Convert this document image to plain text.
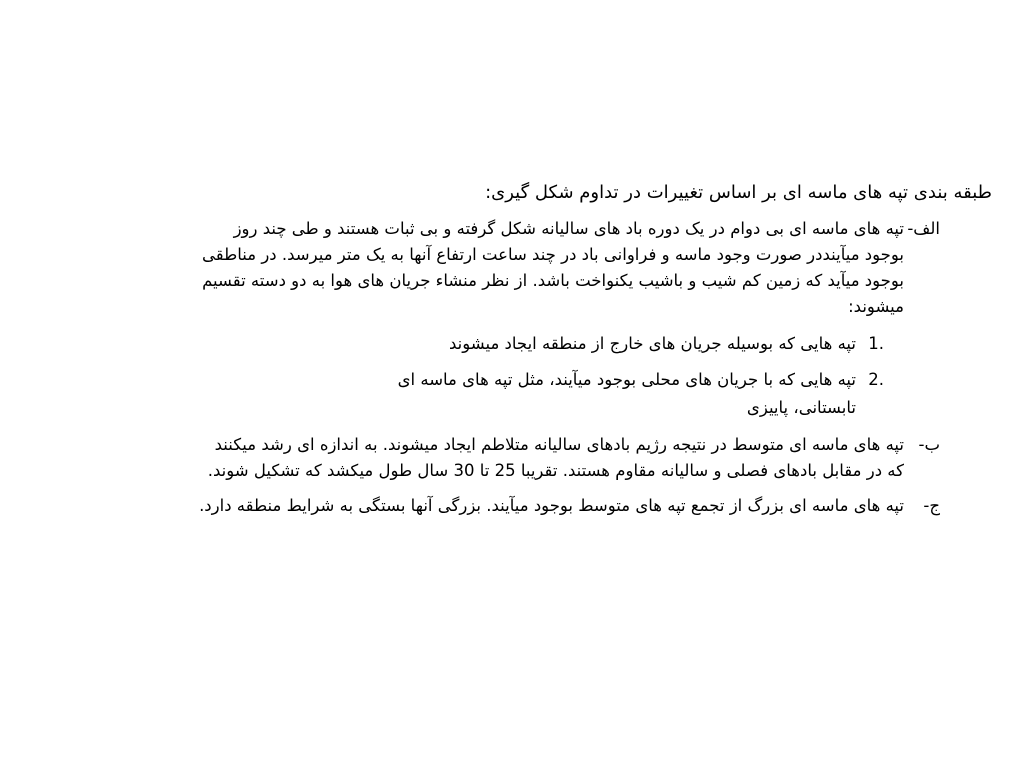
طبقه بندی تپه های ماسه ای بر اساس تغییرات در تداوم شکل گیری:
الف-
تپه های ماسه ای بی دوام در یک دوره باد های سالیانه شکل گرفته و بی ثبات هستند و طی چند روز بوجود میآینددر صورت وجود ماسه و فراوانی باد در چند ساعت ارتفاع آنها به یک متر میرسد. در مناطقی بوجود میآید که زمین کم شیب و باشیب یکنواخت باشد. از نظر منشاء جریان های هوا به دو دسته تقسیم میشوند:
1.
تپه هایی که بوسیله جریان های خارج از منطقه ایجاد میشوند
2.
تپه هایی که با جریان های محلی بوجود میآیند، مثل تپه های ماسه ای تابستانی، پاییزی
ب-
تپه های ماسه ای متوسط در نتیجه رژیم بادهای سالیانه متلاطم ایجاد میشوند. به اندازه ای رشد میکنند که در مقابل بادهای فصلی و سالیانه مقاوم هستند. تقریبا 25 تا 30 سال طول میکشد که تشکیل شوند.
ج-
تپه های ماسه ای بزرگ از تجمع تپه های متوسط بوجود میآیند. بزرگی آنها بستگی به شرایط منطقه دارد.
